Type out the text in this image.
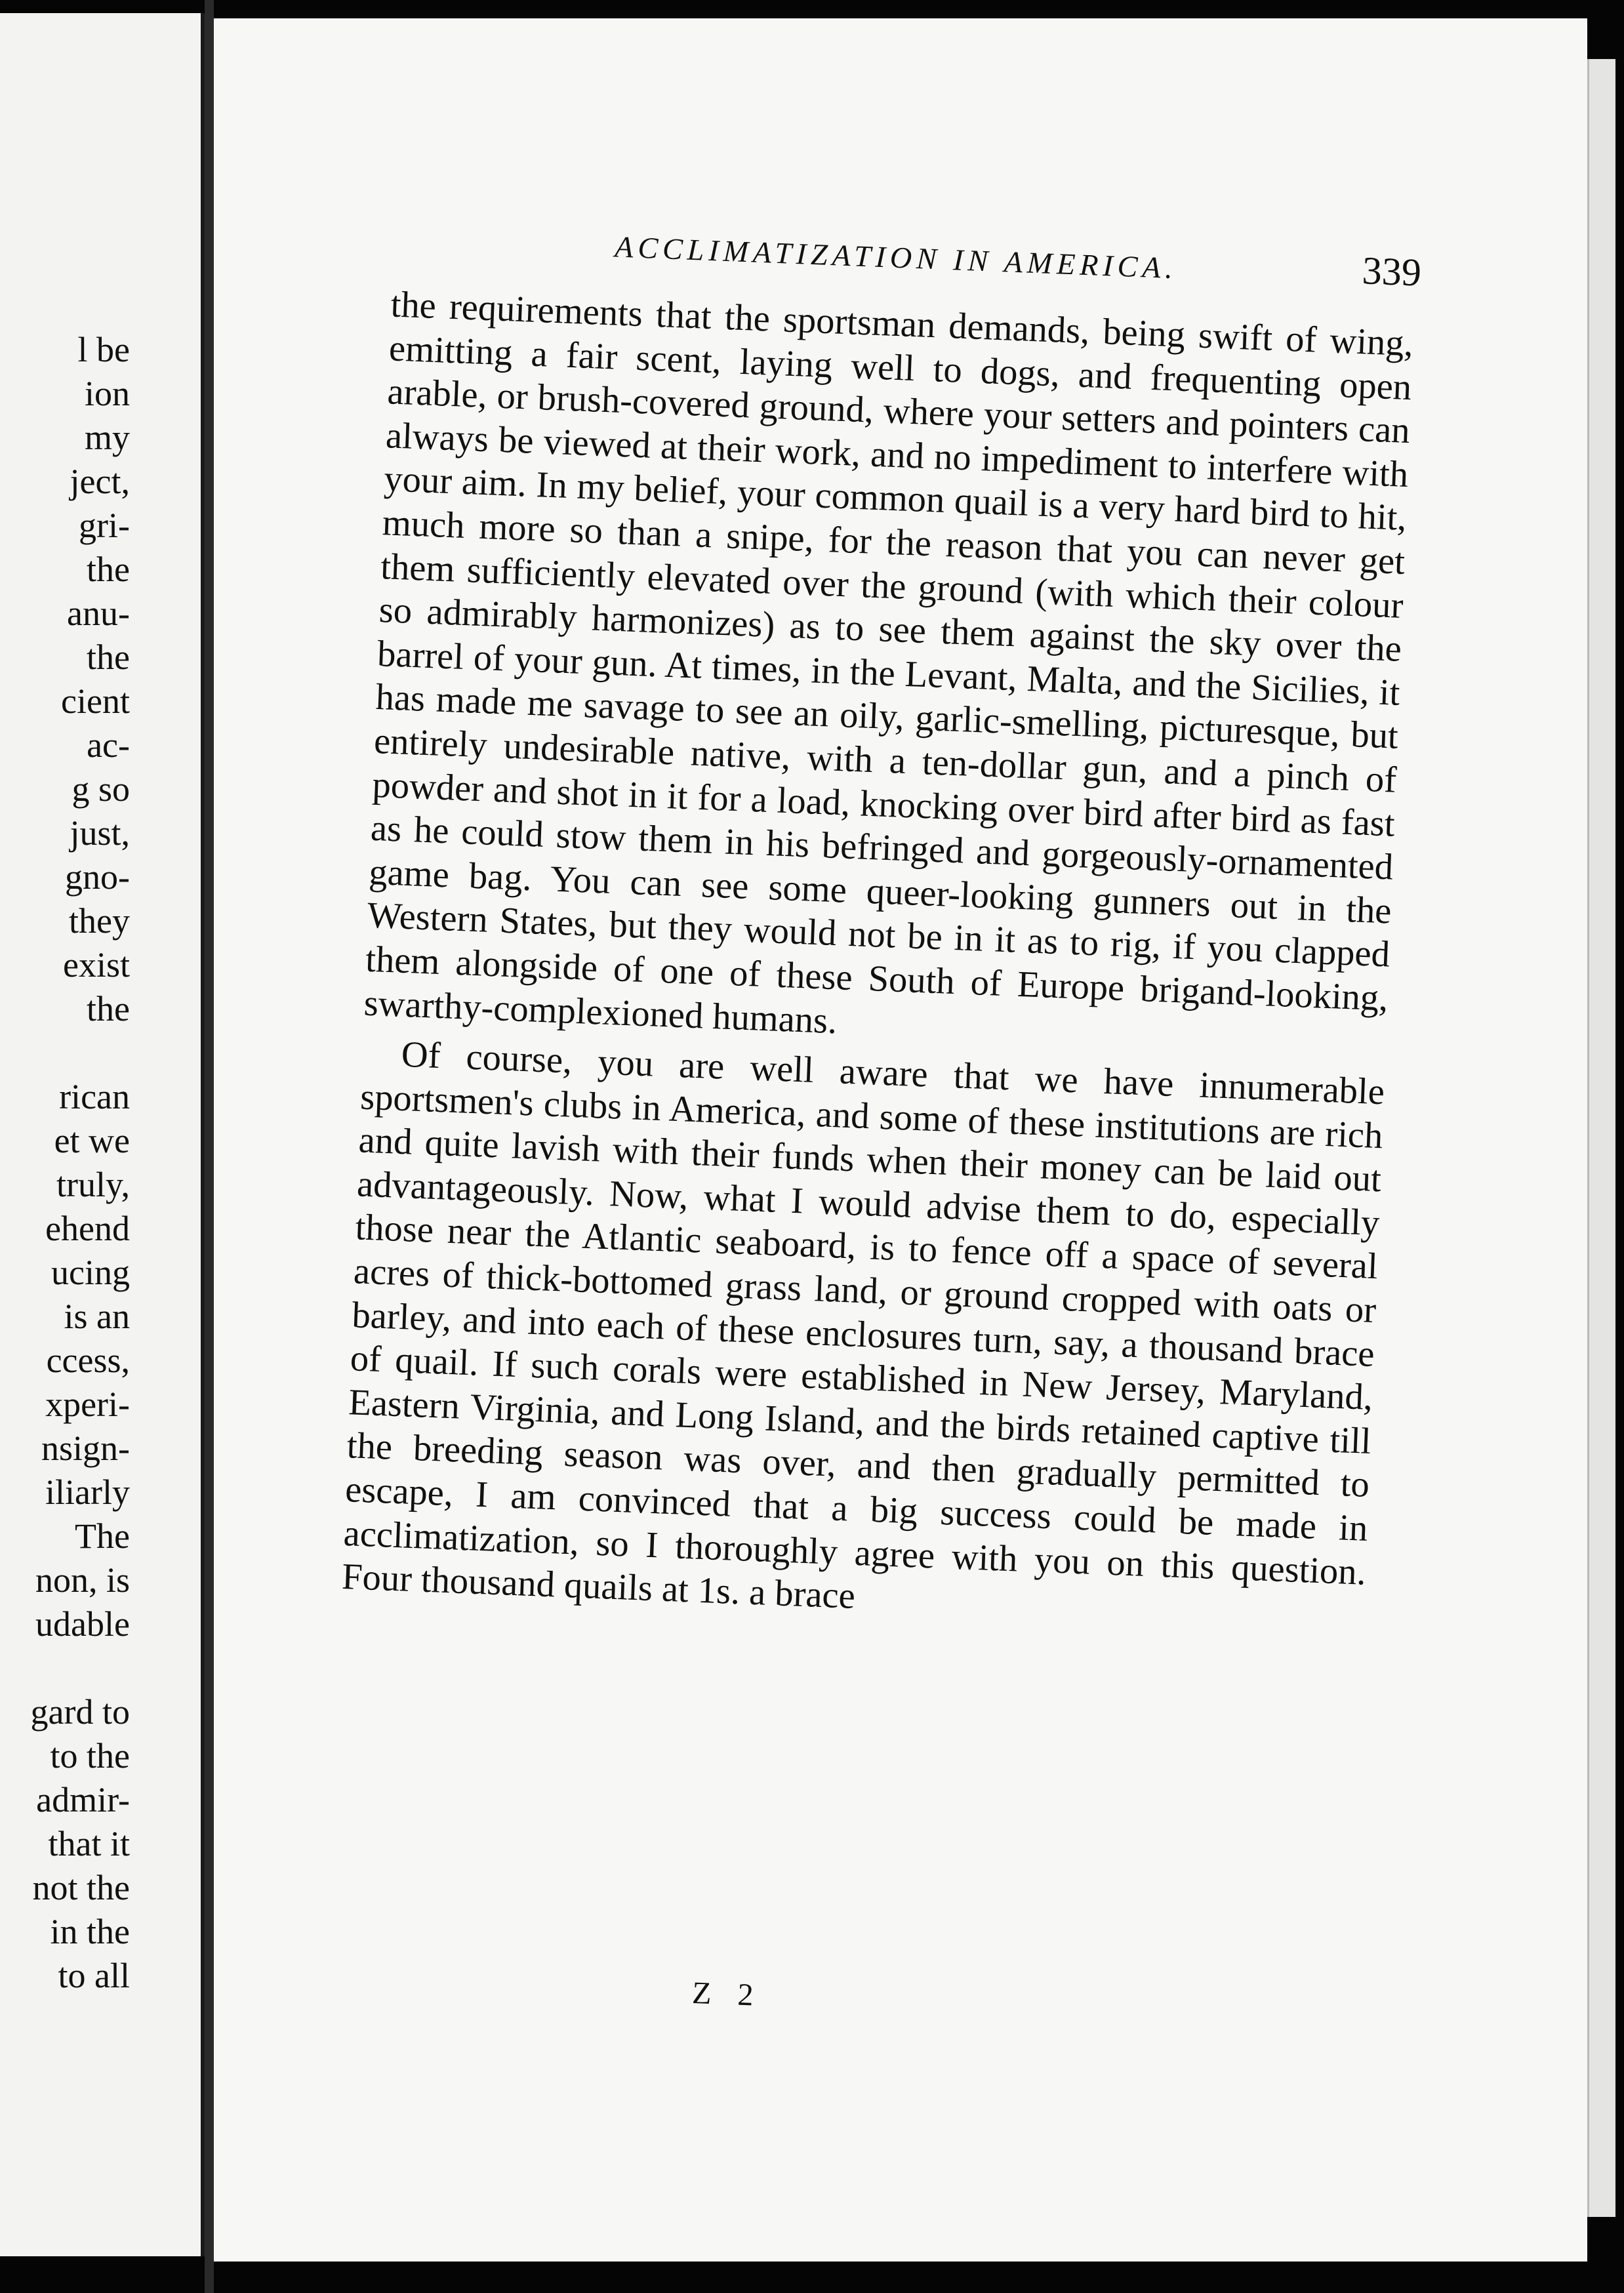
l be
ion
my
ject,
gri-
the
anu-
the
cient
ac-
g so
just,
gno-
they
exist
the
rican
et we
truly,
ehend
ucing
is an
ccess,
xperi-
nsign-
iliarly
The
non, is
udable
gard to
to the
admir-
that it
not the
in the
to all
ACCLIMATIZATION IN AMERICA.	339

the requirements that the sportsman demands, being swift of wing, emitting a fair scent, laying well to dogs, and frequenting open arable, or brush-covered ground, where your setters and pointers can always be viewed at their work, and no impediment to interfere with your aim. In my belief, your common quail is a very hard bird to hit, much more so than a snipe, for the reason that you can never get them sufficiently elevated over the ground (with which their colour so admirably harmonizes) as to see them against the sky over the barrel of your gun. At times, in the Levant, Malta, and the Sicilies, it has made me savage to see an oily, garlic-smelling, picturesque, but entirely undesirable native, with a ten-dollar gun, and a pinch of powder and shot in it for a load, knocking over bird after bird as fast as he could stow them in his befringed and gorgeously-ornamented game bag. You can see some queer-looking gunners out in the Western States, but they would not be in it as to rig, if you clapped them alongside of one of these South of Europe brigand-looking, swarthy-complexioned humans.

Of course, you are well aware that we have innumerable sportsmen's clubs in America, and some of these institutions are rich and quite lavish with their funds when their money can be laid out advantageously. Now, what I would advise them to do, especially those near the Atlantic seaboard, is to fence off a space of several acres of thick-bottomed grass land, or ground cropped with oats or barley, and into each of these enclosures turn, say, a thousand brace of quail. If such corals were established in New Jersey, Maryland, Eastern Virginia, and Long Island, and the birds retained captive till the breeding season was over, and then gradually permitted to escape, I am convinced that a big success could be made in acclimatization, so I thoroughly agree with you on this question. Four thousand quails at 1s. a brace

Z 2
